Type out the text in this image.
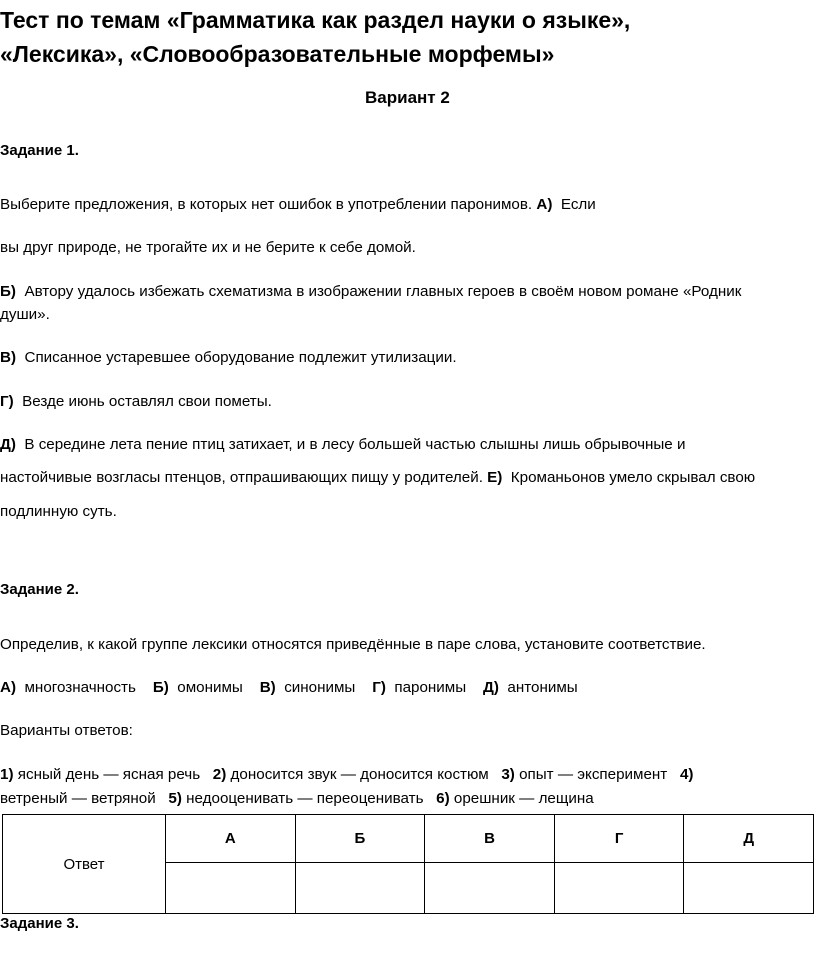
Тест по темам «Грамматика как раздел науки о языке»,
«Лексика», «Словообразовательные морфемы»
Вариант 2
Задание 1.
Выберите предложения, в которых нет ошибок в употреблении паронимов. А) Если
вы друг природе, не трогайте их и не берите к себе домой.
Б) Автору удалось избежать схематизма в изображении главных героев в своём новом романе «Родник
души».
В) Списанное устаревшее оборудование подлежит утилизации.
Г) Везде июнь оставлял свои пометы.
Д) В середине лета пение птиц затихает, и в лесу большей частью слышны лишь обрывочные и
настойчивые возгласы птенцов, отпрашивающих пищу у родителей. Е) Кроманьонов умело скрывал свою
подлинную суть.
Задание 2.
Определив, к какой группе лексики относятся приведённые в паре слова, установите соответствие.
А) многозначность Б) омонимы В) синонимы Г) паронимы Д) антонимы
Варианты ответов:
1) ясный день — ясная речь 2) доносится звук — доносится костюм 3) опыт — эксперимент 4)
ветреный — ветряной 5) недооценивать — переоценивать 6) орешник — лещина
Ответ	А	Б	В	Г	Д

Задание 3.
